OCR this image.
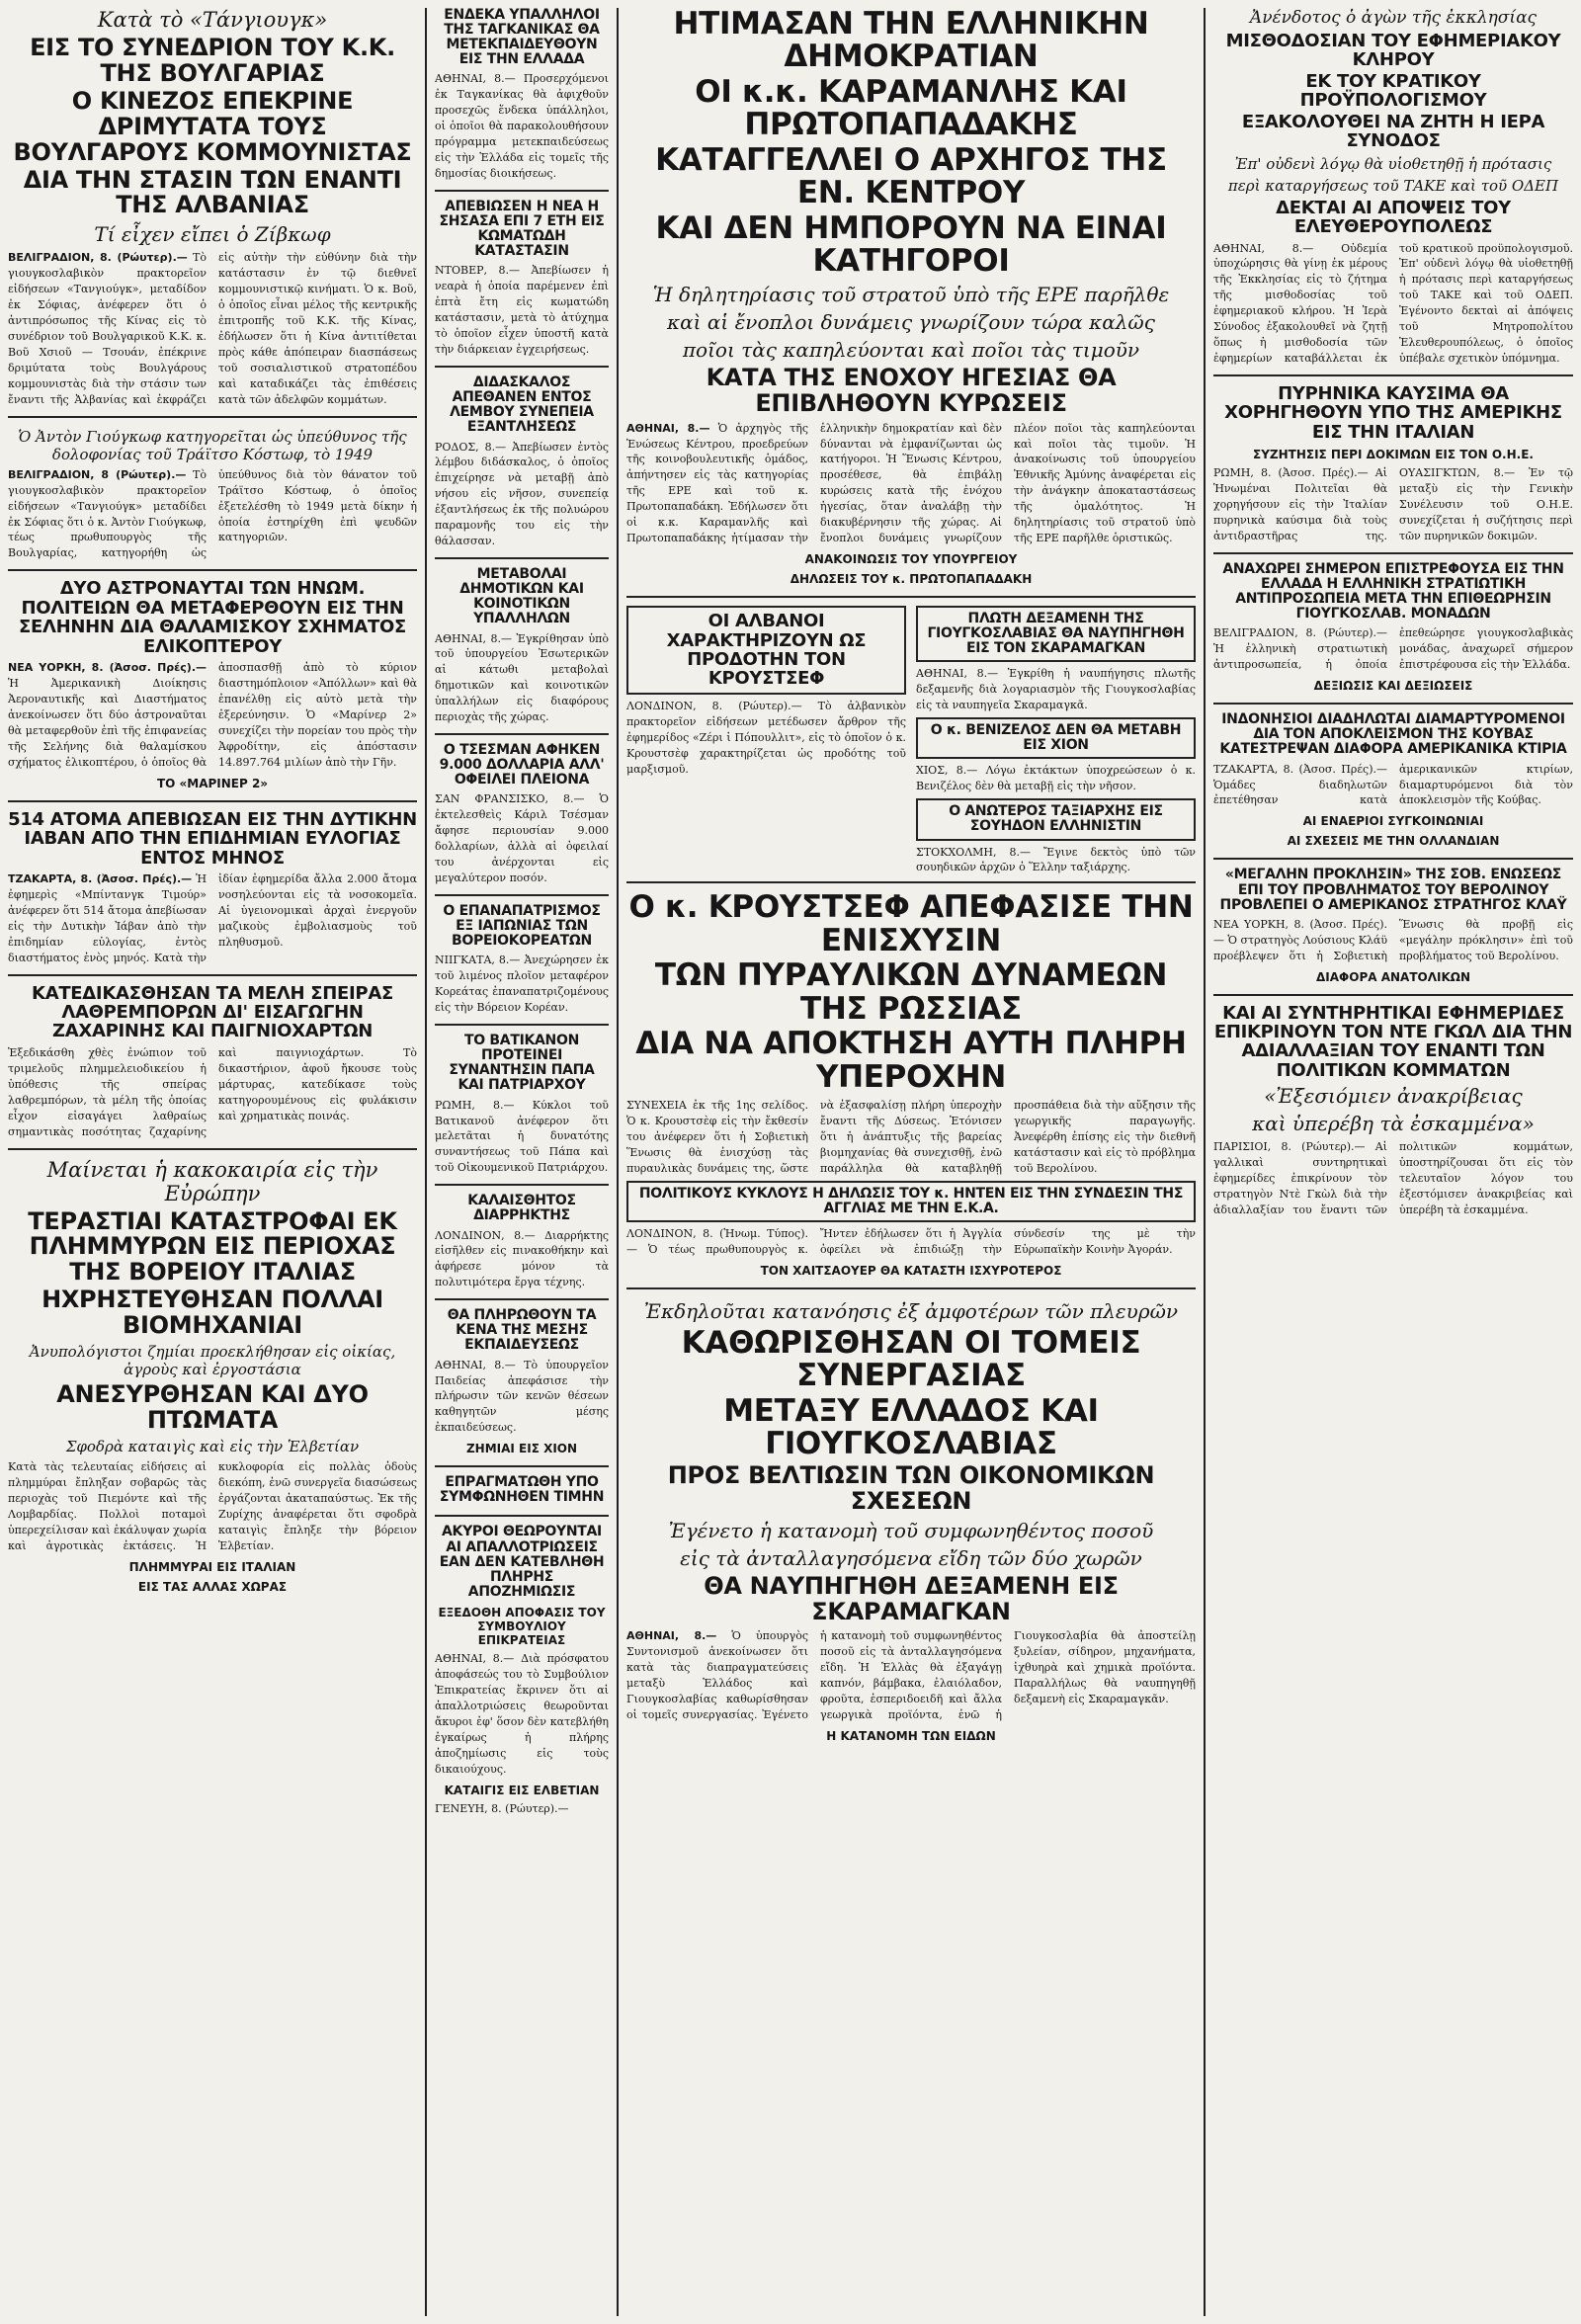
Κατὰ τὸ «Τάνγιουγκ»
ΕΙΣ ΤΟ ΣΥΝΕΔΡΙΟΝ ΤΟΥ Κ.Κ. ΤΗΣ ΒΟΥΛΓΑΡΙΑΣ
Ο ΚΙΝΕΖΟΣ ΕΠΕΚΡΙΝΕ ΔΡΙΜΥΤΑΤΑ ΤΟΥΣ ΒΟΥΛΓΑΡΟΥΣ ΚΟΜΜΟΥΝΙΣΤΑΣ
ΔΙΑ ΤΗΝ ΣΤΑΣΙΝ ΤΩΝ ΕΝΑΝΤΙ ΤΗΣ ΑΛΒΑΝΙΑΣ
Τί εἶχεν εἴπει ὁ Ζίβκωφ
ΒΕΛΙΓΡΑΔΙΟΝ, 8. (Ρώυτερ).— Τὸ γιουγκοσλαβικὸν πρακτορεῖον εἰδήσεων «Τανγιούγκ», μεταδίδον ἐκ Σόφιας, ἀνέφερεν ὅτι ὁ ἀντιπρόσωπος τῆς Κίνας εἰς τὸ συνέδριον τοῦ Βουλγαρικοῦ Κ.Κ. κ. Βοῦ Χσιοῦ — Τσουάν, ἐπέκρινε δριμύτατα τοὺς Βουλγάρους κομμουνιστὰς διὰ τὴν στάσιν των ἔναντι τῆς Ἀλβανίας καὶ ἐκφράζει εἰς αὐτὴν τὴν εὐθύνην διὰ τὴν κατάστασιν ἐν τῷ διεθνεῖ κομμουνιστικῷ κινήματι. Ὁ κ. Βοῦ, ὁ ὁποῖος εἶναι μέλος τῆς κεντρικῆς ἐπιτροπῆς τοῦ Κ.Κ. τῆς Κίνας, ἐδήλωσεν ὅτι ἡ Κίνα ἀντιτίθεται πρὸς κάθε ἀπόπειραν διασπάσεως τοῦ σοσιαλιστικοῦ στρατοπέδου καὶ καταδικάζει τὰς ἐπιθέσεις κατὰ τῶν ἀδελφῶν κομμάτων.
Ὁ Ἀντὸν Γιούγκωφ κατηγορεῖται ὡς ὑπεύθυνος τῆς δολοφονίας τοῦ Τράϊτσο Κόστωφ, τὸ 1949
ΒΕΛΙΓΡΑΔΙΟΝ, 8 (Ρώυτερ).— Τὸ γιουγκοσλαβικὸν πρακτορεῖον εἰδήσεων «Τανγιούγκ» μεταδίδει ἐκ Σόφιας ὅτι ὁ κ. Ἀντὸν Γιούγκωφ, τέως πρωθυπουργὸς τῆς Βουλγαρίας, κατηγορήθη ὡς ὑπεύθυνος διὰ τὸν θάνατον τοῦ Τράϊτσο Κόστωφ, ὁ ὁποῖος ἐξετελέσθη τὸ 1949 μετὰ δίκην ἡ ὁποία ἐστηρίχθη ἐπὶ ψευδῶν κατηγοριῶν.
ΔΥΟ ΑΣΤΡΟΝΑΥΤΑΙ ΤΩΝ ΗΝΩΜ. ΠΟΛΙΤΕΙΩΝ ΘΑ ΜΕΤΑΦΕΡΘΟΥΝ ΕΙΣ ΤΗΝ ΣΕΛΗΝΗΝ ΔΙΑ ΘΑΛΑΜΙΣΚΟΥ ΣΧΗΜΑΤΟΣ ΕΛΙΚΟΠΤΕΡΟΥ
ΝΕΑ ΥΟΡΚΗ, 8. (Ἀσοσ. Πρές).— Ἡ Ἀμερικανικὴ Διοίκησις Ἀεροναυτικῆς καὶ Διαστήματος ἀνεκοίνωσεν ὅτι δύο ἀστροναῦται θὰ μεταφερθοῦν ἐπὶ τῆς ἐπιφανείας τῆς Σελήνης διὰ θαλαμίσκου σχήματος ἐλικοπτέρου, ὁ ὁποῖος θὰ ἀποσπασθῇ ἀπὸ τὸ κύριον διαστημόπλοιον «Ἀπόλλων» καὶ θὰ ἐπανέλθῃ εἰς αὐτὸ μετὰ τὴν ἐξερεύνησιν. Ὁ «Μαρίνερ 2» συνεχίζει τὴν πορείαν του πρὸς τὴν Ἀφροδίτην, εἰς ἀπόστασιν 14.897.764 μιλίων ἀπὸ τὴν Γῆν.
ΤΟ «ΜΑΡΙΝΕΡ 2»
514 ΑΤΟΜΑ ΑΠΕΒΙΩΣΑΝ ΕΙΣ ΤΗΝ ΔΥΤΙΚΗΝ ΙΑΒΑΝ ΑΠΟ ΤΗΝ ΕΠΙΔΗΜΙΑΝ ΕΥΛΟΓΙΑΣ ΕΝΤΟΣ ΜΗΝΟΣ
ΤΖΑΚΑΡΤΑ, 8. (Ἀσοσ. Πρές).— Ἡ ἐφημερὶς «Μπίντανγκ Τιμούρ» ἀνέφερεν ὅτι 514 ἄτομα ἀπεβίωσαν εἰς τὴν Δυτικὴν Ἰάβαν ἀπὸ τὴν ἐπιδημίαν εὐλογίας, ἐντὸς διαστήματος ἑνὸς μηνός. Κατὰ τὴν ἰδίαν ἐφημερίδα ἄλλα 2.000 ἄτομα νοσηλεύονται εἰς τὰ νοσοκομεῖα. Αἱ ὑγειονομικαὶ ἀρχαὶ ἐνεργοῦν μαζικοὺς ἐμβολιασμοὺς τοῦ πληθυσμοῦ.
ΚΑΤΕΔΙΚΑΣΘΗΣΑΝ ΤΑ ΜΕΛΗ ΣΠΕΙΡΑΣ ΛΑΘΡΕΜΠΟΡΩΝ ΔΙ' ΕΙΣΑΓΩΓΗΝ ΖΑΧΑΡΙΝΗΣ ΚΑΙ ΠΑΙΓΝΙΟΧΑΡΤΩΝ
Ἐξεδικάσθη χθὲς ἐνώπιον τοῦ τριμελοῦς πλημμελειοδικείου ἡ ὑπόθεσις τῆς σπείρας λαθρεμπόρων, τὰ μέλη τῆς ὁποίας εἶχον εἰσαγάγει λαθραίως σημαντικὰς ποσότητας ζαχαρίνης καὶ παιγνιοχάρτων. Τὸ δικαστήριον, ἀφοῦ ἤκουσε τοὺς μάρτυρας, κατεδίκασε τοὺς κατηγορουμένους εἰς φυλάκισιν καὶ χρηματικὰς ποινάς.
Μαίνεται ἡ κακοκαιρία εἰς τὴν Εὐρώπην
ΤΕΡΑΣΤΙΑΙ ΚΑΤΑΣΤΡΟΦΑΙ ΕΚ ΠΛΗΜΜΥΡΩΝ ΕΙΣ ΠΕΡΙΟΧΑΣ ΤΗΣ ΒΟΡΕΙΟΥ ΙΤΑΛΙΑΣ
ΗΧΡΗΣΤΕΥΘΗΣΑΝ ΠΟΛΛΑΙ ΒΙΟΜΗΧΑΝΙΑΙ
Ἀνυπολόγιστοι ζημίαι προεκλήθησαν εἰς οἰκίας, ἀγροὺς καὶ ἐργοστάσια
ΑΝΕΣΥΡΘΗΣΑΝ ΚΑΙ ΔΥΟ ΠΤΩΜΑΤΑ
Σφοδρὰ καταιγὶς καὶ εἰς τὴν Ἑλβετίαν
Κατὰ τὰς τελευταίας εἰδήσεις αἱ πλημμύραι ἔπληξαν σοβαρῶς τὰς περιοχὰς τοῦ Πιεμόντε καὶ τῆς Λομβαρδίας. Πολλοὶ ποταμοὶ ὑπερεχείλισαν καὶ ἐκάλυψαν χωρία καὶ ἀγροτικὰς ἐκτάσεις. Ἡ κυκλοφορία εἰς πολλὰς ὁδοὺς διεκόπη, ἐνῶ συνεργεῖα διασώσεως ἐργάζονται ἀκαταπαύστως. Ἐκ τῆς Ζυρίχης ἀναφέρεται ὅτι σφοδρὰ καταιγὶς ἔπληξε τὴν βόρειον Ἑλβετίαν.
ΠΛΗΜΜΥΡΑΙ ΕΙΣ ΙΤΑΛΙΑΝ
ΕΙΣ ΤΑΣ ΑΛΛΑΣ ΧΩΡΑΣ
ΕΝΔΕΚΑ ΥΠΑΛΛΗΛΟΙ ΤΗΣ ΤΑΓΚΑΝΙΚΑΣ ΘΑ ΜΕΤΕΚΠΑΙΔΕΥΘΟΥΝ ΕΙΣ ΤΗΝ ΕΛΛΑΔΑ
ΑΘΗΝΑΙ, 8.— Προσερχόμενοι ἐκ Ταγκανίκας θὰ ἀφιχθοῦν προσεχῶς ἕνδεκα ὑπάλληλοι, οἱ ὁποῖοι θὰ παρακολουθήσουν πρόγραμμα μετεκπαιδεύσεως εἰς τὴν Ἑλλάδα εἰς τομεῖς τῆς δημοσίας διοικήσεως.
ΑΠΕΒΙΩΣΕΝ Η ΝΕΑ Η ΣΗΣΑΣΑ ΕΠΙ 7 ΕΤΗ ΕΙΣ ΚΩΜΑΤΩΔΗ ΚΑΤΑΣΤΑΣΙΝ
ΝΤΟΒΕΡ, 8.— Ἀπεβίωσεν ἡ νεαρὰ ἡ ὁποία παρέμενεν ἐπὶ ἑπτὰ ἔτη εἰς κωματώδη κατάστασιν, μετὰ τὸ ἀτύχημα τὸ ὁποῖον εἶχεν ὑποστῆ κατὰ τὴν διάρκειαν ἐγχειρήσεως.
ΔΙΔΑΣΚΑΛΟΣ ΑΠΕΘΑΝΕΝ ΕΝΤΟΣ ΛΕΜΒΟΥ ΣΥΝΕΠΕΙΑ ΕΞΑΝΤΛΗΣΕΩΣ
ΡΟΔΟΣ, 8.— Ἀπεβίωσεν ἐντὸς λέμβου διδάσκαλος, ὁ ὁποῖος ἐπιχείρησε νὰ μεταβῇ ἀπὸ νήσου εἰς νῆσον, συνεπείᾳ ἐξαντλήσεως ἐκ τῆς πολυώρου παραμονῆς του εἰς τὴν θάλασσαν.
ΜΕΤΑΒΟΛΑΙ ΔΗΜΟΤΙΚΩΝ ΚΑΙ ΚΟΙΝΟΤΙΚΩΝ ΥΠΑΛΛΗΛΩΝ
ΑΘΗΝΑΙ, 8.— Ἐγκρίθησαν ὑπὸ τοῦ ὑπουργείου Ἐσωτερικῶν αἱ κάτωθι μεταβολαὶ δημοτικῶν καὶ κοινοτικῶν ὑπαλλήλων εἰς διαφόρους περιοχὰς τῆς χώρας.
Ο ΤΣΕΣΜΑΝ ΑΦΗΚΕΝ 9.000 ΔΟΛΛΑΡΙΑ ΑΛΛ' ΟΦΕΙΛΕΙ ΠΛΕΙΟΝΑ
ΣΑΝ ΦΡΑΝΣΙΣΚΟ, 8.— Ὁ ἐκτελεσθεὶς Κάριλ Τσέσμαν ἄφησε περιουσίαν 9.000 δολλαρίων, ἀλλὰ αἱ ὀφειλαί του ἀνέρχονται εἰς μεγαλύτερον ποσόν.
Ο ΕΠΑΝΑΠΑΤΡΙΣΜΟΣ ΕΞ ΙΑΠΩΝΙΑΣ ΤΩΝ ΒΟΡΕΙΟΚΟΡΕΑΤΩΝ
ΝΙΙΓΚΑΤΑ, 8.— Ἀνεχώρησεν ἐκ τοῦ λιμένος πλοῖον μεταφέρον Κορεάτας ἐπαναπατριζομένους εἰς τὴν Βόρειον Κορέαν.
ΤΟ ΒΑΤΙΚΑΝΟΝ ΠΡΟΤΕΙΝΕΙ ΣΥΝΑΝΤΗΣΙΝ ΠΑΠΑ ΚΑΙ ΠΑΤΡΙΑΡΧΟΥ
ΡΩΜΗ, 8.— Κύκλοι τοῦ Βατικανοῦ ἀνέφερον ὅτι μελετᾶται ἡ δυνατότης συναντήσεως τοῦ Πάπα καὶ τοῦ Οἰκουμενικοῦ Πατριάρχου.
ΚΑΛΑΙΣΘΗΤΟΣ ΔΙΑΡΡΗΚΤΗΣ
ΛΟΝΔΙΝΟΝ, 8.— Διαρρήκτης εἰσῆλθεν εἰς πινακοθήκην καὶ ἀφήρεσε μόνον τὰ πολυτιμότερα ἔργα τέχνης.
ΘΑ ΠΛΗΡΩΘΟΥΝ ΤΑ ΚΕΝΑ ΤΗΣ ΜΕΣΗΣ ΕΚΠΑΙΔΕΥΣΕΩΣ
ΑΘΗΝΑΙ, 8.— Τὸ ὑπουργεῖον Παιδείας ἀπεφάσισε τὴν πλήρωσιν τῶν κενῶν θέσεων καθηγητῶν μέσης ἐκπαιδεύσεως.
ΖΗΜΙΑΙ ΕΙΣ ΧΙΟΝ
ΕΠΡΑΓΜΑΤΩΘΗ ΥΠΟ ΣΥΜΦΩΝΗΘΕΝ ΤΙΜΗΝ
ΑΚΥΡΟΙ ΘΕΩΡΟΥΝΤΑΙ ΑΙ ΑΠΑΛΛΟΤΡΙΩΣΕΙΣ ΕΑΝ ΔΕΝ ΚΑΤΕΒΛΗΘΗ ΠΛΗΡΗΣ ΑΠΟΖΗΜΙΩΣΙΣ
ΕΞΕΔΟΘΗ ΑΠΟΦΑΣΙΣ ΤΟΥ ΣΥΜΒΟΥΛΙΟΥ ΕΠΙΚΡΑΤΕΙΑΣ
ΑΘΗΝΑΙ, 8.— Διὰ πρόσφατου ἀποφάσεώς του τὸ Συμβούλιον Ἐπικρατείας ἔκρινεν ὅτι αἱ ἀπαλλοτριώσεις θεωροῦνται ἄκυροι ἐφ' ὅσον δὲν κατεβλήθη ἐγκαίρως ἡ πλήρης ἀποζημίωσις εἰς τοὺς δικαιούχους.
ΚΑΤΑΙΓΙΣ ΕΙΣ ΕΛΒΕΤΙΑΝ
ΓΕΝΕΥΗ, 8. (Ρώυτερ).—
ΗΤΙΜΑΣΑΝ ΤΗΝ ΕΛΛΗΝΙΚΗΝ ΔΗΜΟΚΡΑΤΙΑΝ
ΟΙ κ.κ. ΚΑΡΑΜΑΝΛΗΣ ΚΑΙ ΠΡΩΤΟΠΑΠΑΔΑΚΗΣ
ΚΑΤΑΓΓΕΛΛΕΙ Ο ΑΡΧΗΓΟΣ ΤΗΣ ΕΝ. ΚΕΝΤΡΟΥ
ΚΑΙ ΔΕΝ ΗΜΠΟΡΟΥΝ ΝΑ ΕΙΝΑΙ ΚΑΤΗΓΟΡΟΙ
Ἡ δηλητηρίασις τοῦ στρατοῦ ὑπὸ τῆς ΕΡΕ παρῆλθε
καὶ αἱ ἔνοπλοι δυνάμεις γνωρίζουν τώρα καλῶς
ποῖοι τὰς καπηλεύονται καὶ ποῖοι τὰς τιμοῦν
ΚΑΤΑ ΤΗΣ ΕΝΟΧΟΥ ΗΓΕΣΙΑΣ ΘΑ ΕΠΙΒΛΗΘΟΥΝ ΚΥΡΩΣΕΙΣ
ΑΘΗΝΑΙ, 8.— Ὁ ἀρχηγὸς τῆς Ἑνώσεως Κέντρου, προεδρεύων τῆς κοινοβουλευτικῆς ὁμάδος, ἀπήντησεν εἰς τὰς κατηγορίας τῆς ΕΡΕ καὶ τοῦ κ. Πρωτοπαπαδάκη. Ἐδήλωσεν ὅτι οἱ κ.κ. Καραμανλῆς καὶ Πρωτοπαπαδάκης ἠτίμασαν τὴν ἑλληνικὴν δημοκρατίαν καὶ δὲν δύνανται νὰ ἐμφανίζωνται ὡς κατήγοροι. Ἡ Ἕνωσις Κέντρου, προσέθεσε, θὰ ἐπιβάλῃ κυρώσεις κατὰ τῆς ἐνόχου ἡγεσίας, ὅταν ἀναλάβῃ τὴν διακυβέρνησιν τῆς χώρας. Αἱ ἔνοπλοι δυνάμεις γνωρίζουν πλέον ποῖοι τὰς καπηλεύονται καὶ ποῖοι τὰς τιμοῦν. Ἡ ἀνακοίνωσις τοῦ ὑπουργείου Ἐθνικῆς Ἀμύνης ἀναφέρεται εἰς τὴν ἀνάγκην ἀποκαταστάσεως τῆς ὁμαλότητος. Ἡ δηλητηρίασις τοῦ στρατοῦ ὑπὸ τῆς ΕΡΕ παρῆλθε ὁριστικῶς.
ΑΝΑΚΟΙΝΩΣΙΣ ΤΟΥ ΥΠΟΥΡΓΕΙΟΥ
ΔΗΛΩΣΕΙΣ ΤΟΥ κ. ΠΡΩΤΟΠΑΠΑΔΑΚΗ
ΟΙ ΑΛΒΑΝΟΙ ΧΑΡΑΚΤΗΡΙΖΟΥΝ ΩΣ ΠΡΟΔΟΤΗΝ ΤΟΝ ΚΡΟΥΣΤΣΕΦ
ΛΟΝΔΙΝΟΝ, 8. (Ρώυτερ).— Τὸ ἀλβανικὸν πρακτορεῖον εἰδήσεων μετέδωσεν ἄρθρον τῆς ἐφημερίδος «Ζέρι ἰ Πόπουλλιτ», εἰς τὸ ὁποῖον ὁ κ. Κρουστσὲφ χαρακτηρίζεται ὡς προδότης τοῦ μαρξισμοῦ.
ΠΛΩΤΗ ΔΕΞΑΜΕΝΗ ΤΗΣ ΓΙΟΥΓΚΟΣΛΑΒΙΑΣ ΘΑ ΝΑΥΠΗΓΗΘΗ ΕΙΣ ΤΟΝ ΣΚΑΡΑΜΑΓΚΑΝ
ΑΘΗΝΑΙ, 8.— Ἐγκρίθη ἡ ναυπήγησις πλωτῆς δεξαμενῆς διὰ λογαριασμὸν τῆς Γιουγκοσλαβίας εἰς τὰ ναυπηγεῖα Σκαραμαγκᾶ.
Ο κ. ΒΕΝΙΖΕΛΟΣ ΔΕΝ ΘΑ ΜΕΤΑΒΗ ΕΙΣ ΧΙΟΝ
ΧΙΟΣ, 8.— Λόγω ἐκτάκτων ὑποχρεώσεων ὁ κ. Βενιζέλος δὲν θὰ μεταβῇ εἰς τὴν νῆσον.
Ο ΑΝΩΤΕΡΟΣ ΤΑΞΙΑΡΧΗΣ ΕΙΣ ΣΟΥΗΔΟΝ ΕΛΛΗΝΙΣΤΙΝ
ΣΤΟΚΧΟΛΜΗ, 8.— Ἔγινε δεκτὸς ὑπὸ τῶν σουηδικῶν ἀρχῶν ὁ Ἕλλην ταξιάρχης.
Ο κ. ΚΡΟΥΣΤΣΕΦ ΑΠΕΦΑΣΙΣΕ ΤΗΝ ΕΝΙΣΧΥΣΙΝ
ΤΩΝ ΠΥΡΑΥΛΙΚΩΝ ΔΥΝΑΜΕΩΝ ΤΗΣ ΡΩΣΣΙΑΣ
ΔΙΑ ΝΑ ΑΠΟΚΤΗΣΗ ΑΥΤΗ ΠΛΗΡΗ ΥΠΕΡΟΧΗΝ
ΣΥΝΕΧΕΙΑ ἐκ τῆς 1ης σελίδος. Ὁ κ. Κρουστσὲφ εἰς τὴν ἔκθεσίν του ἀνέφερεν ὅτι ἡ Σοβιετικὴ Ἕνωσις θὰ ἐνισχύσῃ τὰς πυραυλικὰς δυνάμεις της, ὥστε νὰ ἐξασφαλίσῃ πλήρη ὑπεροχὴν ἔναντι τῆς Δύσεως. Ἐτόνισεν ὅτι ἡ ἀνάπτυξις τῆς βαρείας βιομηχανίας θὰ συνεχισθῇ, ἐνῶ παράλληλα θὰ καταβληθῇ προσπάθεια διὰ τὴν αὔξησιν τῆς γεωργικῆς παραγωγῆς. Ἀνεφέρθη ἐπίσης εἰς τὴν διεθνῆ κατάστασιν καὶ εἰς τὸ πρόβλημα τοῦ Βερολίνου.
ΠΟΛΙΤΙΚΟΥΣ ΚΥΚΛΟΥΣ Η ΔΗΛΩΣΙΣ ΤΟΥ κ. ΗΝΤΕΝ ΕΙΣ ΤΗΝ ΣΥΝΔΕΣΙΝ ΤΗΣ ΑΓΓΛΙΑΣ ΜΕ ΤΗΝ Ε.Κ.Α.
ΛΟΝΔΙΝΟΝ, 8. (Ἡνωμ. Τύπος).— Ὁ τέως πρωθυπουργὸς κ. Ἤντεν ἐδήλωσεν ὅτι ἡ Ἀγγλία ὀφείλει νὰ ἐπιδιώξῃ τὴν σύνδεσίν της μὲ τὴν Εὐρωπαϊκὴν Κοινὴν Ἀγοράν.
ΤΟΝ ΧΑΙΤΣΑΟΥΕΡ ΘΑ ΚΑΤΑΣΤΗ ΙΣΧΥΡΟΤΕΡΟΣ
Ἐκδηλοῦται κατανόησις ἐξ ἀμφοτέρων τῶν πλευρῶν
ΚΑΘΩΡΙΣΘΗΣΑΝ ΟΙ ΤΟΜΕΙΣ ΣΥΝΕΡΓΑΣΙΑΣ
ΜΕΤΑΞΥ ΕΛΛΑΔΟΣ ΚΑΙ ΓΙΟΥΓΚΟΣΛΑΒΙΑΣ
ΠΡΟΣ ΒΕΛΤΙΩΣΙΝ ΤΩΝ ΟΙΚΟΝΟΜΙΚΩΝ ΣΧΕΣΕΩΝ
Ἐγένετο ἡ κατανομὴ τοῦ συμφωνηθέντος ποσοῦ
εἰς τὰ ἀνταλλαγησόμενα εἴδη τῶν δύο χωρῶν
ΘΑ ΝΑΥΠΗΓΗΘΗ ΔΕΞΑΜΕΝΗ ΕΙΣ ΣΚΑΡΑΜΑΓΚΑΝ
ΑΘΗΝΑΙ, 8.— Ὁ ὑπουργὸς Συντονισμοῦ ἀνεκοίνωσεν ὅτι κατὰ τὰς διαπραγματεύσεις μεταξὺ Ἑλλάδος καὶ Γιουγκοσλαβίας καθωρίσθησαν οἱ τομεῖς συνεργασίας. Ἐγένετο ἡ κατανομὴ τοῦ συμφωνηθέντος ποσοῦ εἰς τὰ ἀνταλλαγησόμενα εἴδη. Ἡ Ἑλλὰς θὰ ἐξαγάγῃ καπνόν, βάμβακα, ἐλαιόλαδον, φροῦτα, ἐσπεριδοειδῆ καὶ ἄλλα γεωργικὰ προϊόντα, ἐνῶ ἡ Γιουγκοσλαβία θὰ ἀποστείλῃ ξυλείαν, σίδηρον, μηχανήματα, ἰχθυηρὰ καὶ χημικὰ προϊόντα. Παραλλήλως θὰ ναυπηγηθῇ δεξαμενὴ εἰς Σκαραμαγκᾶν.
Η ΚΑΤΑΝΟΜΗ ΤΩΝ ΕΙΔΩΝ
Ἀνένδοτος ὁ ἀγὼν τῆς ἐκκλησίας
ΜΙΣΘΟΔΟΣΙΑΝ ΤΟΥ ΕΦΗΜΕΡΙΑΚΟΥ ΚΛΗΡΟΥ
ΕΚ ΤΟΥ ΚΡΑΤΙΚΟΥ ΠΡΟΫΠΟΛΟΓΙΣΜΟΥ
ΕΞΑΚΟΛΟΥΘΕΙ ΝΑ ΖΗΤΗ Η ΙΕΡΑ ΣΥΝΟΔΟΣ
Ἐπ' οὐδενὶ λόγῳ θὰ υἱοθετηθῇ ἡ πρότασις
περὶ καταργήσεως τοῦ ΤΑΚΕ καὶ τοῦ ΟΔΕΠ
ΔΕΚΤΑΙ ΑΙ ΑΠΟΨΕΙΣ ΤΟΥ ΕΛΕΥΘΕΡΟΥΠΟΛΕΩΣ
ΑΘΗΝΑΙ, 8.— Οὐδεμία ὑποχώρησις θὰ γίνῃ ἐκ μέρους τῆς Ἐκκλησίας εἰς τὸ ζήτημα τῆς μισθοδοσίας τοῦ ἐφημεριακοῦ κλήρου. Ἡ Ἱερὰ Σύνοδος ἐξακολουθεῖ νὰ ζητῇ ὅπως ἡ μισθοδοσία τῶν ἐφημερίων καταβάλλεται ἐκ τοῦ κρατικοῦ προϋπολογισμοῦ. Ἐπ' οὐδενὶ λόγῳ θὰ υἱοθετηθῇ ἡ πρότασις περὶ καταργήσεως τοῦ ΤΑΚΕ καὶ τοῦ ΟΔΕΠ. Ἐγένοντο δεκταὶ αἱ ἀπόψεις τοῦ Μητροπολίτου Ἐλευθερουπόλεως, ὁ ὁποῖος ὑπέβαλε σχετικὸν ὑπόμνημα.
ΠΥΡΗΝΙΚΑ ΚΑΥΣΙΜΑ ΘΑ ΧΟΡΗΓΗΘΟΥΝ ΥΠΟ ΤΗΣ ΑΜΕΡΙΚΗΣ ΕΙΣ ΤΗΝ ΙΤΑΛΙΑΝ
ΣΥΖΗΤΗΣΙΣ ΠΕΡΙ ΔΟΚΙΜΩΝ ΕΙΣ ΤΟΝ Ο.Η.Ε.
ΡΩΜΗ, 8. (Ἀσοσ. Πρές).— Αἱ Ἡνωμέναι Πολιτεῖαι θὰ χορηγήσουν εἰς τὴν Ἰταλίαν πυρηνικὰ καύσιμα διὰ τοὺς ἀντιδραστῆρας της. ΟΥΑΣΙΓΚΤΩΝ, 8.— Ἐν τῷ μεταξὺ εἰς τὴν Γενικὴν Συνέλευσιν τοῦ Ο.Η.Ε. συνεχίζεται ἡ συζήτησις περὶ τῶν πυρηνικῶν δοκιμῶν.
ΑΝΑΧΩΡΕΙ ΣΗΜΕΡΟΝ ΕΠΙΣΤΡΕΦΟΥΣΑ ΕΙΣ ΤΗΝ ΕΛΛΑΔΑ Η ΕΛΛΗΝΙΚΗ ΣΤΡΑΤΙΩΤΙΚΗ ΑΝΤΙΠΡΟΣΩΠΕΙΑ ΜΕΤΑ ΤΗΝ ΕΠΙΘΕΩΡΗΣΙΝ ΓΙΟΥΓΚΟΣΛΑΒ. ΜΟΝΑΔΩΝ
ΒΕΛΙΓΡΑΔΙΟΝ, 8. (Ρώυτερ).— Ἡ ἑλληνικὴ στρατιωτικὴ ἀντιπροσωπεία, ἡ ὁποία ἐπεθεώρησε γιουγκοσλαβικὰς μονάδας, ἀναχωρεῖ σήμερον ἐπιστρέφουσα εἰς τὴν Ἑλλάδα.
ΔΕΞΙΩΣΙΣ ΚΑΙ ΔΕΞΙΩΣΕΙΣ
ΙΝΔΟΝΗΣΙΟΙ ΔΙΑΔΗΛΩΤΑΙ ΔΙΑΜΑΡΤΥΡΟΜΕΝΟΙ ΔΙΑ ΤΟΝ ΑΠΟΚΛΕΙΣΜΟΝ ΤΗΣ ΚΟΥΒΑΣ ΚΑΤΕΣΤΡΕΨΑΝ ΔΙΑΦΟΡΑ ΑΜΕΡΙΚΑΝΙΚΑ ΚΤΙΡΙΑ
ΤΖΑΚΑΡΤΑ, 8. (Ἀσοσ. Πρές).— Ὁμάδες διαδηλωτῶν ἐπετέθησαν κατὰ ἀμερικανικῶν κτιρίων, διαμαρτυρόμενοι διὰ τὸν ἀποκλεισμὸν τῆς Κούβας.
ΑΙ ΕΝΑΕΡΙΟΙ ΣΥΓΚΟΙΝΩΝΙΑΙ
ΑΙ ΣΧΕΣΕΙΣ ΜΕ ΤΗΝ ΟΛΛΑΝΔΙΑΝ
«ΜΕΓΑΛΗΝ ΠΡΟΚΛΗΣΙΝ» ΤΗΣ ΣΟΒ. ΕΝΩΣΕΩΣ ΕΠΙ ΤΟΥ ΠΡΟΒΛΗΜΑΤΟΣ ΤΟΥ ΒΕΡΟΛΙΝΟΥ ΠΡΟΒΛΕΠΕΙ Ο ΑΜΕΡΙΚΑΝΟΣ ΣΤΡΑΤΗΓΟΣ ΚΛΑΫ
ΝΕΑ ΥΟΡΚΗ, 8. (Ἀσοσ. Πρές).— Ὁ στρατηγὸς Λούσιους Κλάϋ προέβλεψεν ὅτι ἡ Σοβιετικὴ Ἕνωσις θὰ προβῇ εἰς «μεγάλην πρόκλησιν» ἐπὶ τοῦ προβλήματος τοῦ Βερολίνου.
ΔΙΑΦΟΡΑ ΑΝΑΤΟΛΙΚΩΝ
ΚΑΙ ΑΙ ΣΥΝΤΗΡΗΤΙΚΑΙ ΕΦΗΜΕΡΙΔΕΣ ΕΠΙΚΡΙΝΟΥΝ ΤΟΝ ΝΤΕ ΓΚΩΛ ΔΙΑ ΤΗΝ ΑΔΙΑΛΛΑΞΙΑΝ ΤΟΥ ΕΝΑΝΤΙ ΤΩΝ ΠΟΛΙΤΙΚΩΝ ΚΟΜΜΑΤΩΝ
«Ἐξεσιόμιεν ἀνακρίβειας
καὶ ὑπερέβη τὰ ἐσκαμμένα»
ΠΑΡΙΣΙΟΙ, 8. (Ρώυτερ).— Αἱ γαλλικαὶ συντηρητικαὶ ἐφημερίδες ἐπικρίνουν τὸν στρατηγὸν Ντὲ Γκὼλ διὰ τὴν ἀδιαλλαξίαν του ἔναντι τῶν πολιτικῶν κομμάτων, ὑποστηρίζουσαι ὅτι εἰς τὸν τελευταῖον λόγον του ἐξεστόμισεν ἀνακριβείας καὶ ὑπερέβη τὰ ἐσκαμμένα.
